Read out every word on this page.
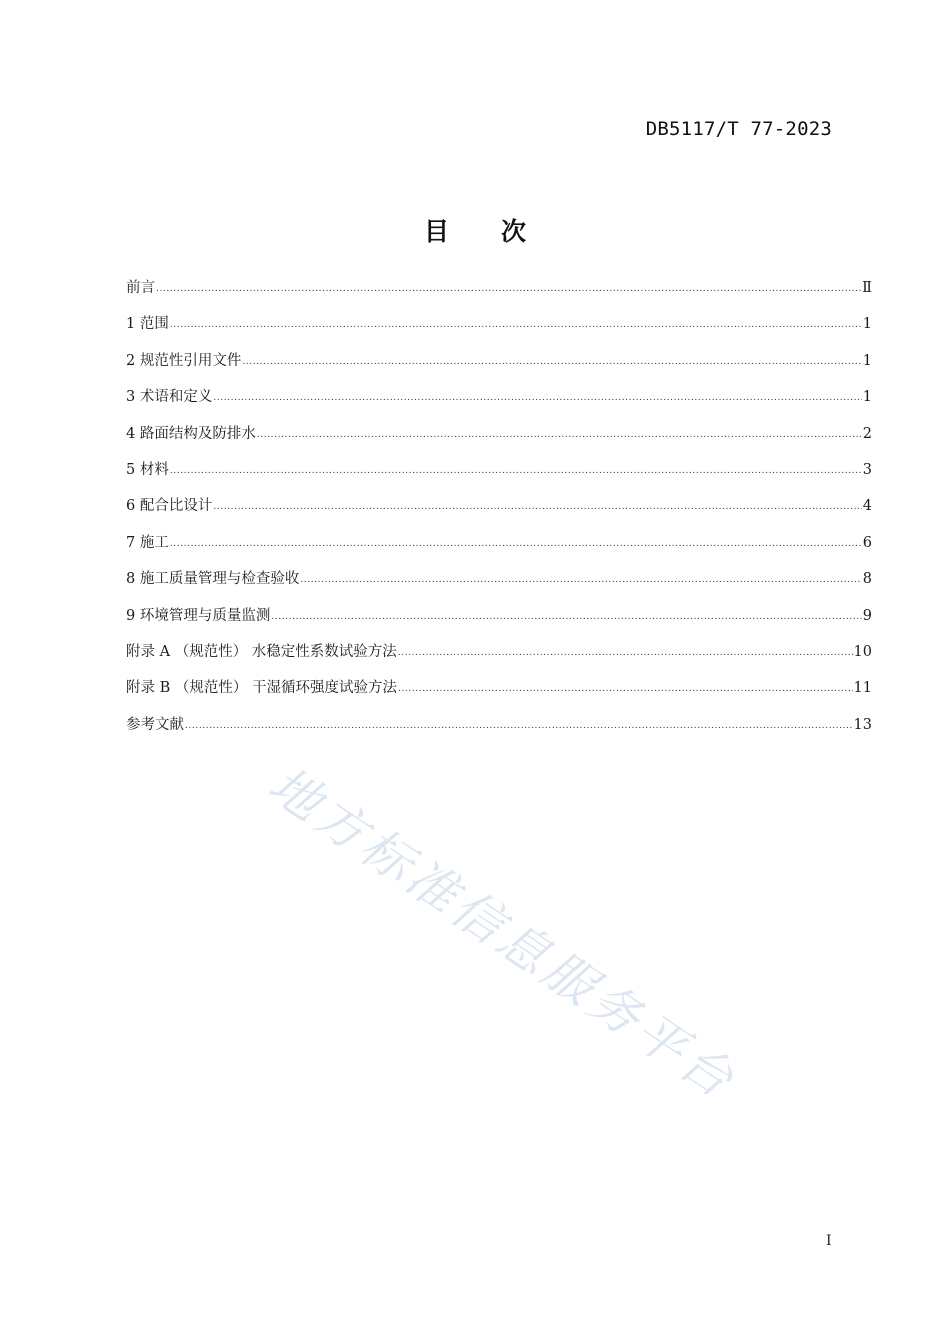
DB5117/T 77-2023
目次
前言 .....	Ⅱ
1 范围 .....	1
2 规范性引用文件 .....	1
3 术语和定义 .....	1
4 路面结构及防排水 .....	2
5 材料 .....	3
6 配合比设计 .....	4
7 施工 .....	6
8 施工质量管理与检查验收 .....	8
9 环境管理与质量监测 .....	9
附录 A （规范性） 水稳定性系数试验方法 .....	10
附录 B （规范性） 干湿循环强度试验方法 .....	11
参考文献 .....	13
地方标准信息服务平台
I
